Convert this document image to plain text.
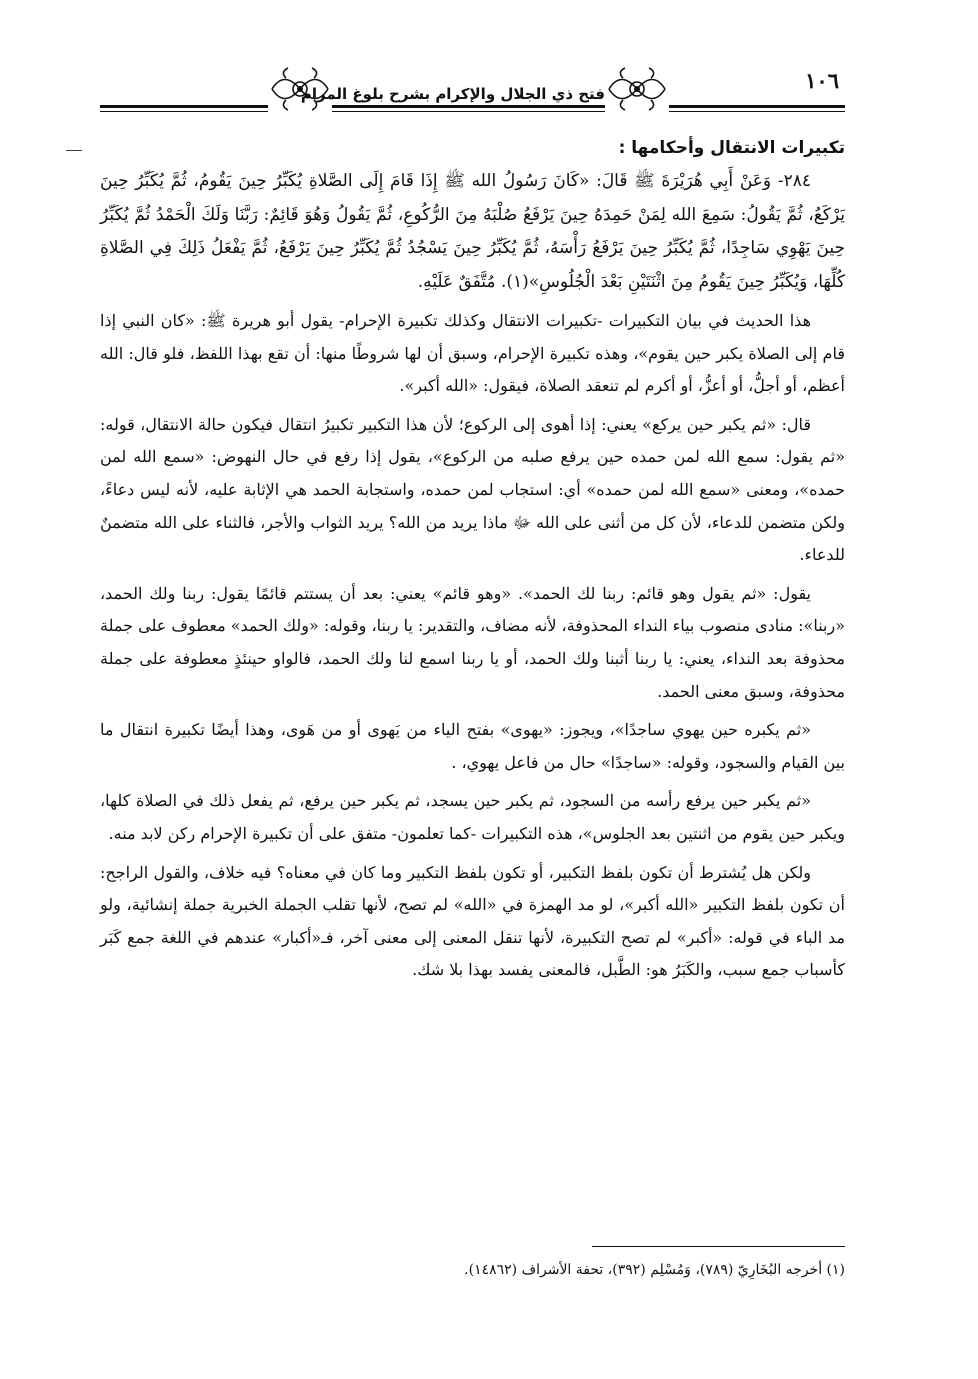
فتح ذي الجلال والإكرام بشرح بلوغ المرام
١٠٦
تكبيرات الانتقال وأحكامها :

٢٨٤- وَعَنْ أَبِي هُرَيْرَةَ ﷺ قَالَ: «كَانَ رَسُولُ الله ﷺ إِذَا قَامَ إِلَى الصَّلاةِ يُكَبِّرُ حِينَ يَقُومُ، ثُمَّ يُكَبِّرُ حِينَ يَرْكَعُ، ثُمَّ يَقُولُ: سَمِعَ الله لِمَنْ حَمِدَهُ حِينَ يَرْفَعُ صُلْبَهُ مِنَ الرُّكُوعِ، ثُمَّ يَقُولُ وَهُوَ قَائِمٌ: رَبَّنَا وَلَكَ الْحَمْدُ ثُمَّ يُكَبِّرُ حِينَ يَهْوِي سَاجِدًا، ثُمَّ يُكَبِّرُ حِينَ يَرْفَعُ رَأْسَهُ، ثُمَّ يُكَبِّرُ حِينَ يَسْجُدُ ثُمَّ يُكَبِّرُ حِينَ يَرْفَعُ، ثُمَّ يَفْعَلُ ذَلِكَ فِي الصَّلاةِ كُلِّهَا، وَيُكَبِّرُ حِينَ يَقُومُ مِنَ اثْنَتَيْنِ بَعْدَ الْجُلُوسِ»(١). مُتَّفَقٌ عَلَيْهِ.

هذا الحديث في بيان التكبيرات -تكبيرات الانتقال وكذلك تكبيرة الإحرام- يقول أبو هريرة ﷺ: «كان النبي إذا قام إلى الصلاة يكبر حين يقوم»، وهذه تكبيرة الإحرام، وسبق أن لها شروطًا منها: أن تقع بهذا اللفظ، فلو قال: الله أعظم، أو أجلُّ، أو أعزُّ، أو أكرم لم تنعقد الصلاة، فيقول: «الله أكبر».

قال: «ثم يكبر حين يركع» يعني: إذا أهوى إلى الركوع؛ لأن هذا التكبير تكبيرُ انتقال فيكون حالة الانتقال، قوله: «ثم يقول: سمع الله لمن حمده حين يرفع صلبه من الركوع»، يقول إذا رفع في حال النهوض: «سمع الله لمن حمده»، ومعنى «سمع الله لمن حمده» أي: استجاب لمن حمده، واستجابة الحمد هي الإثابة عليه، لأنه ليس دعاءً، ولكن متضمن للدعاء، لأن كل من أثنى على الله ﷻ ماذا يريد من الله؟ يريد الثواب والأجر، فالثناء على الله متضمنٌ للدعاء.

يقول: «ثم يقول وهو قائم: ربنا لك الحمد». «وهو قائم» يعني: بعد أن يستتم قائمًا يقول: ربنا ولك الحمد، «ربنا»: منادى منصوب بياء النداء المحذوفة، لأنه مضاف، والتقدير: يا ربنا، وقوله: «ولك الحمد» معطوف على جملة محذوفة بعد النداء، يعني: يا ربنا أثبنا ولك الحمد، أو يا ربنا اسمع لنا ولك الحمد، فالواو حينئذٍ معطوفة على جملة محذوفة، وسبق معنى الحمد.

«ثم يكبره حين يهوي ساجدًا»، ويجوز: «يهوى» بفتح الياء من يَهوى أو من هَوى، وهذا أيضًا تكبيرة انتقال ما بين القيام والسجود، وقوله: «ساجدًا» حال من فاعل يهوي، .

«ثم يكبر حين يرفع رأسه من السجود، ثم يكبر حين يسجد، ثم يكبر حين يرفع، ثم يفعل ذلك في الصلاة كلها، ويكبر حين يقوم من اثنتين بعد الجلوس»، هذه التكبيرات -كما تعلمون- متفق على أن تكبيرة الإحرام ركن لابد منه.

ولكن هل يُشترط أن تكون بلفظ التكبير، أو تكون بلفظ التكبير وما كان في معناه؟ فيه خلاف، والقول الراجح: أن تكون بلفظ التكبير «الله أكبر»، لو مد الهمزة في «الله» لم تصح، لأنها تقلب الجملة الخبرية جملة إنشائية، ولو مد الباء في قوله: «أكبر» لم تصح التكبيرة، لأنها تنقل المعنى إلى معنى آخر، فـ«أكبار» عندهم في اللغة جمع كَبَر كأسباب جمع سبب، والكَبَرُ هو: الطَّبل، فالمعنى يفسد بهذا بلا شك.

(١) أخرجه البُخَارِيّ (٧٨٩)، وَمُسْلِم (٣٩٢)، تحفة الأشراف (١٤٨٦٢).
